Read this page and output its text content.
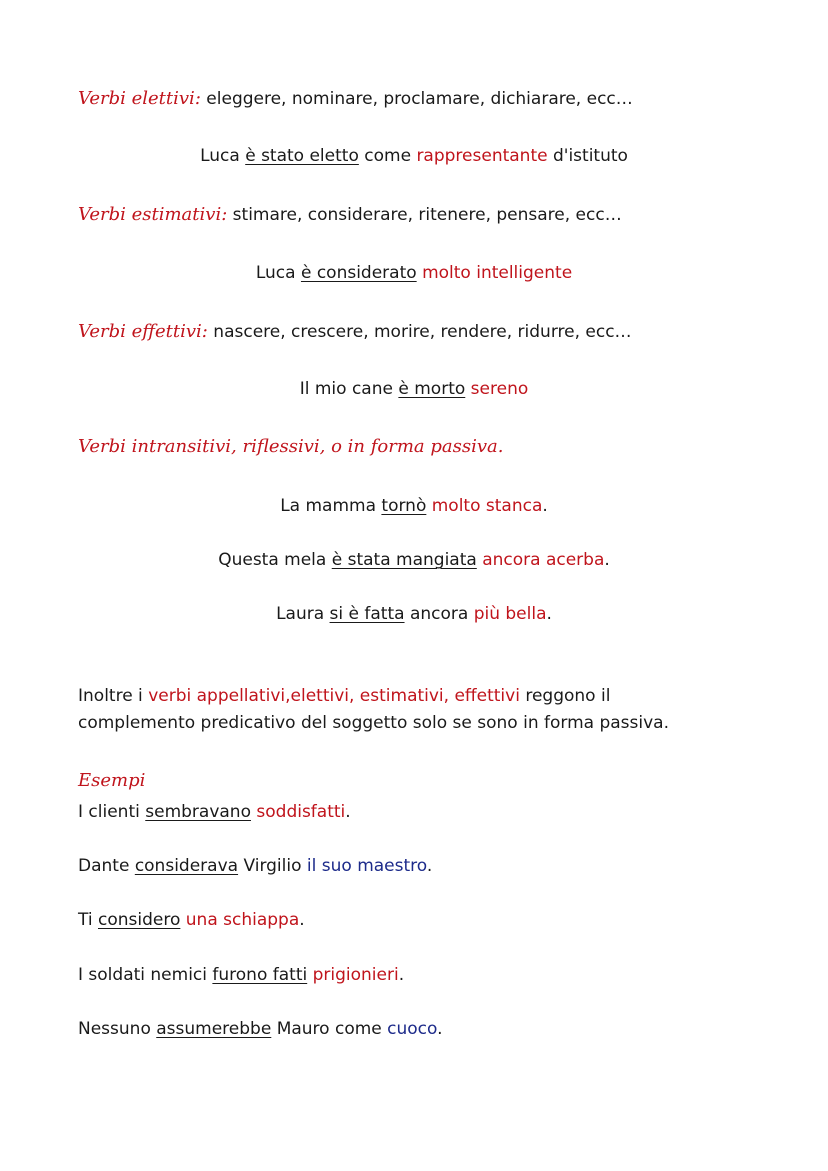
Verbi elettivi: eleggere, nominare, proclamare, dichiarare, ecc…
Luca è stato eletto come rappresentante d'istituto
Verbi estimativi: stimare, considerare, ritenere, pensare, ecc…
Luca è considerato molto intelligente
Verbi effettivi: nascere, crescere, morire, rendere, ridurre, ecc…
Il mio cane è morto sereno
Verbi intransitivi, riflessivi, o in forma passiva.
La mamma tornò molto stanca.
Questa mela è stata mangiata ancora acerba.
Laura si è fatta ancora più bella.
Inoltre i verbi appellativi,elettivi, estimativi, effettivi reggono il
complemento predicativo del soggetto solo se sono in forma passiva.
Esempi
I clienti sembravano soddisfatti.
Dante considerava Virgilio il suo maestro.
Ti considero una schiappa.
I soldati nemici furono fatti prigionieri.
Nessuno assumerebbe Mauro come cuoco.
